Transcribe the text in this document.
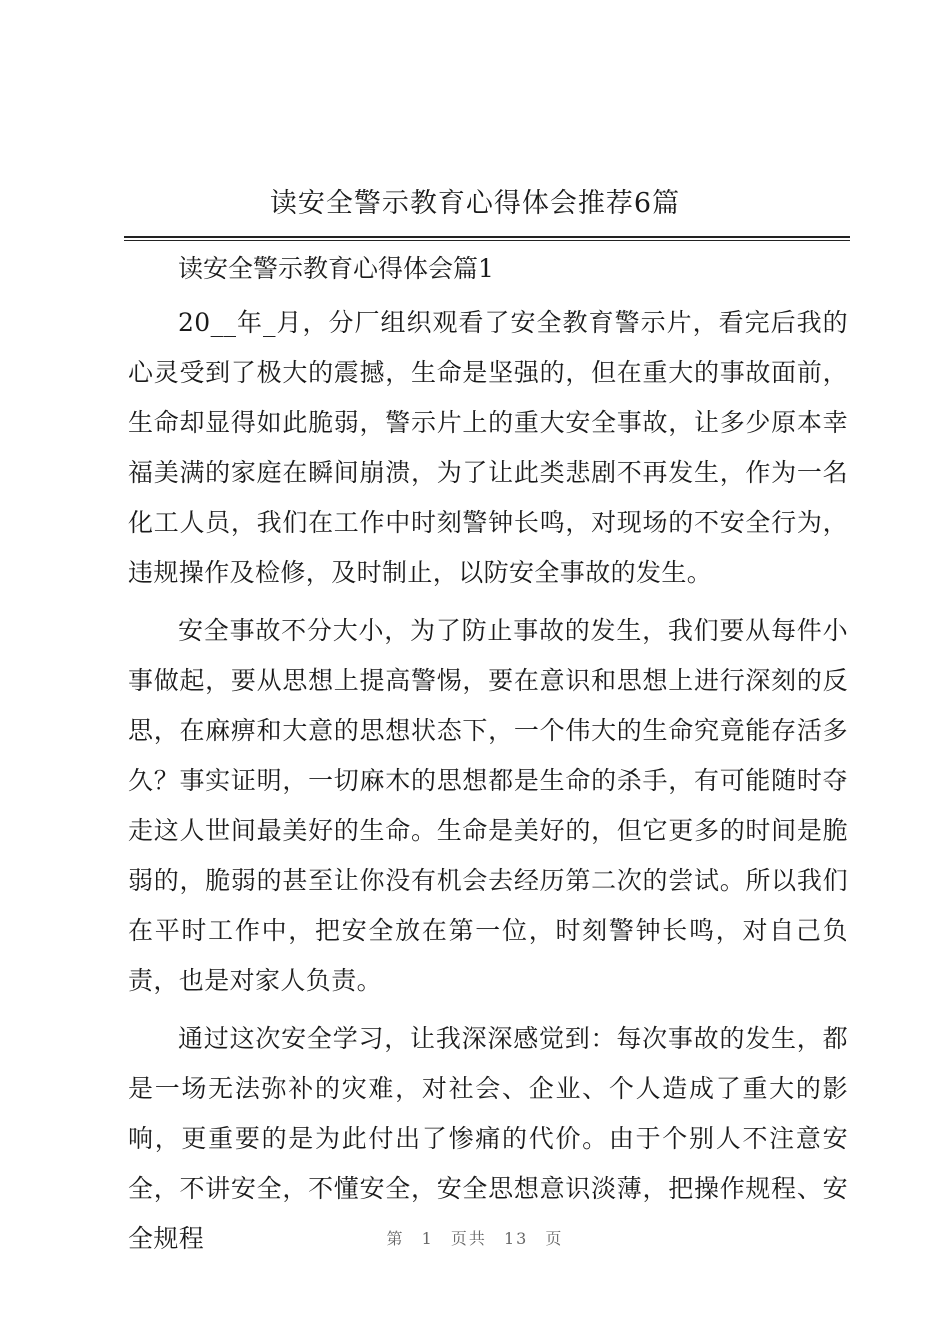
读安全警示教育心得体会推荐6篇

读安全警示教育心得体会篇1

20__年_月，分厂组织观看了安全教育警示片，看完后我的心灵受到了极大的震撼，生命是坚强的，但在重大的事故面前，生命却显得如此脆弱，警示片上的重大安全事故，让多少原本幸福美满的家庭在瞬间崩溃，为了让此类悲剧不再发生，作为一名化工人员，我们在工作中时刻警钟长鸣，对现场的不安全行为，违规操作及检修，及时制止，以防安全事故的发生。

安全事故不分大小，为了防止事故的发生，我们要从每件小事做起，要从思想上提高警惕，要在意识和思想上进行深刻的反思，在麻痹和大意的思想状态下，一个伟大的生命究竟能存活多久？事实证明，一切麻木的思想都是生命的杀手，有可能随时夺走这人世间最美好的生命。生命是美好的，但它更多的时间是脆弱的，脆弱的甚至让你没有机会去经历第二次的尝试。所以我们在平时工作中，把安全放在第一位，时刻警钟长鸣，对自己负责，也是对家人负责。

通过这次安全学习，让我深深感觉到：每次事故的发生，都是一场无法弥补的灾难，对社会、企业、个人造成了重大的影响，更重要的是为此付出了惨痛的代价。由于个别人不注意安全，不讲安全，不懂安全，安全思想意识淡薄，把操作规程、安全规程	第 1 页共 13 页
